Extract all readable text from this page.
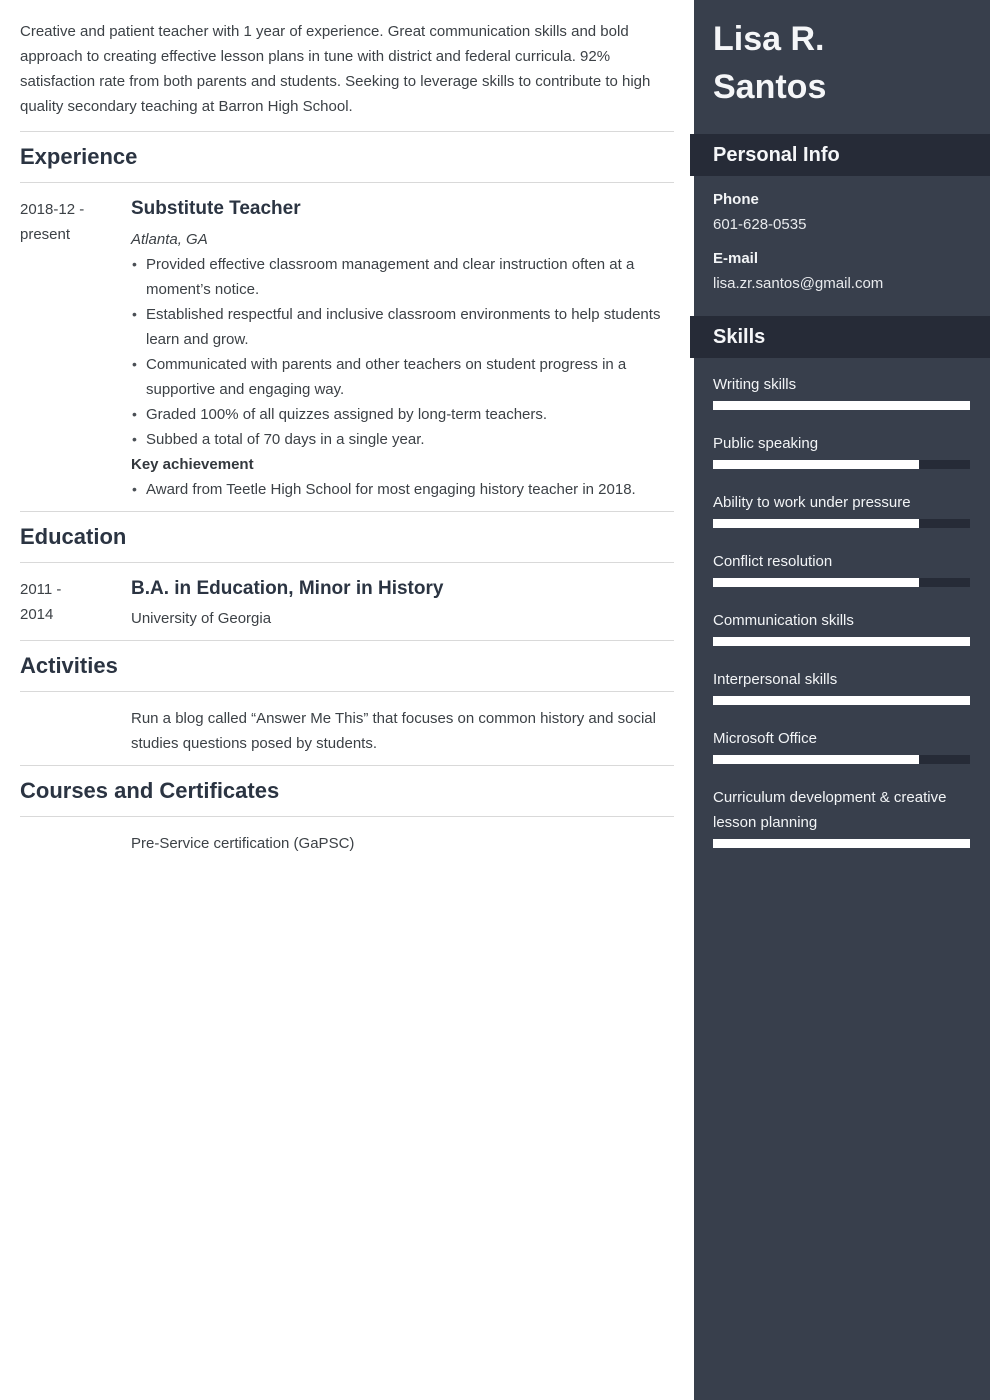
Creative and patient teacher with 1 year of experience. Great communication skills and bold approach to creating effective lesson plans in tune with district and federal curricula. 92% satisfaction rate from both parents and students. Seeking to leverage skills to contribute to high quality secondary teaching at Barron High School.

Experience
2018-12 -
present
Substitute Teacher

Atlanta, GA

• Provided effective classroom management and clear instruction often at a moment’s notice.
• Established respectful and inclusive classroom environments to help students learn and grow.
• Communicated with parents and other teachers on student progress in a supportive and engaging way.
• Graded 100% of all quizzes assigned by long-term teachers.
• Subbed a total of 70 days in a single year.

Key achievement

• Award from Teetle High School for most engaging history teacher in 2018.
Education
2011 -
2014
B.A. in Education, Minor in History

University of Georgia

Activities

Run a blog called “Answer Me This” that focuses on common history and social studies questions posed by students.

Courses and Certificates

Pre-Service certification (GaPSC)

Lisa R.
Santos
Personal Info
Phone
601-628-0535
E-mail
lisa.zr.santos@gmail.com
Skills
Writing skills
Public speaking
Ability to work under pressure
Conflict resolution
Communication skills
Interpersonal skills
Microsoft Office
Curriculum development & creative lesson planning
